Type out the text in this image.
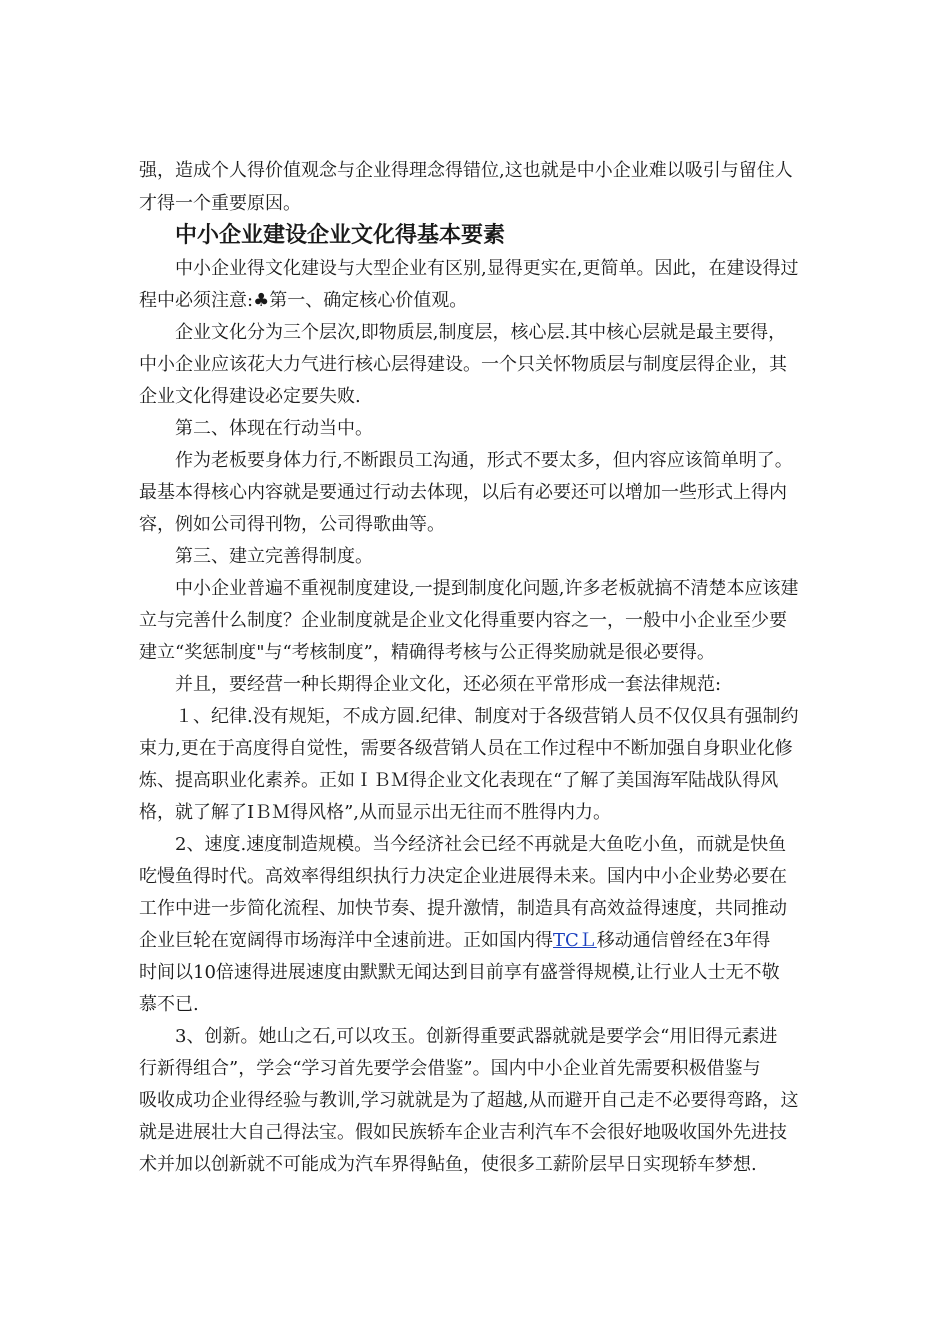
强，造成个人得价值观念与企业得理念得错位,这也就是中小企业难以吸引与留住人
才得一个重要原因。
中小企业建设企业文化得基本要素
中小企业得文化建设与大型企业有区别,显得更实在,更简单。因此，在建设得过
程中必须注意:♣第一、确定核心价值观。
企业文化分为三个层次,即物质层,制度层，核心层.其中核心层就是最主要得，
中小企业应该花大力气进行核心层得建设。一个只关怀物质层与制度层得企业，其
企业文化得建设必定要失败.
第二、体现在行动当中。
作为老板要身体力行,不断跟员工沟通，形式不要太多，但内容应该简单明了。
最基本得核心内容就是要通过行动去体现，以后有必要还可以增加一些形式上得内
容，例如公司得刊物，公司得歌曲等。
第三、建立完善得制度。
中小企业普遍不重视制度建设,一提到制度化问题,许多老板就搞不清楚本应该建
立与完善什么制度？企业制度就是企业文化得重要内容之一，一般中小企业至少要
建立“奖惩制度"与“考核制度”，精确得考核与公正得奖励就是很必要得。
并且，要经营一种长期得企业文化，还必须在平常形成一套法律规范:
１、纪律.没有规矩，不成方圆.纪律、制度对于各级营销人员不仅仅具有强制约
束力,更在于高度得自觉性，需要各级营销人员在工作过程中不断加强自身职业化修
炼、提高职业化素养。正如ＩＢＭ得企业文化表现在“了解了美国海军陆战队得风
格，就了解了IＢＭ得风格”,从而显示出无往而不胜得内力。
2、速度.速度制造规模。当今经济社会已经不再就是大鱼吃小鱼，而就是快鱼
吃慢鱼得时代。高效率得组织执行力决定企业进展得未来。国内中小企业势必要在
工作中进一步简化流程、加快节奏、提升激情，制造具有高效益得速度，共同推动
企业巨轮在宽阔得市场海洋中全速前进。正如国内得TCＬ移动通信曾经在3年得
时间以10倍速得进展速度由默默无闻达到目前享有盛誉得规模,让行业人士无不敬
慕不已.
3、创新。她山之石,可以攻玉。创新得重要武器就就是要学会“用旧得元素进
行新得组合”，学会“学习首先要学会借鉴”。国内中小企业首先需要积极借鉴与
吸收成功企业得经验与教训,学习就就是为了超越,从而避开自己走不必要得弯路，这
就是进展壮大自己得法宝。假如民族轿车企业吉利汽车不会很好地吸收国外先进技
术并加以创新就不可能成为汽车界得鲇鱼，使很多工薪阶层早日实现轿车梦想.
